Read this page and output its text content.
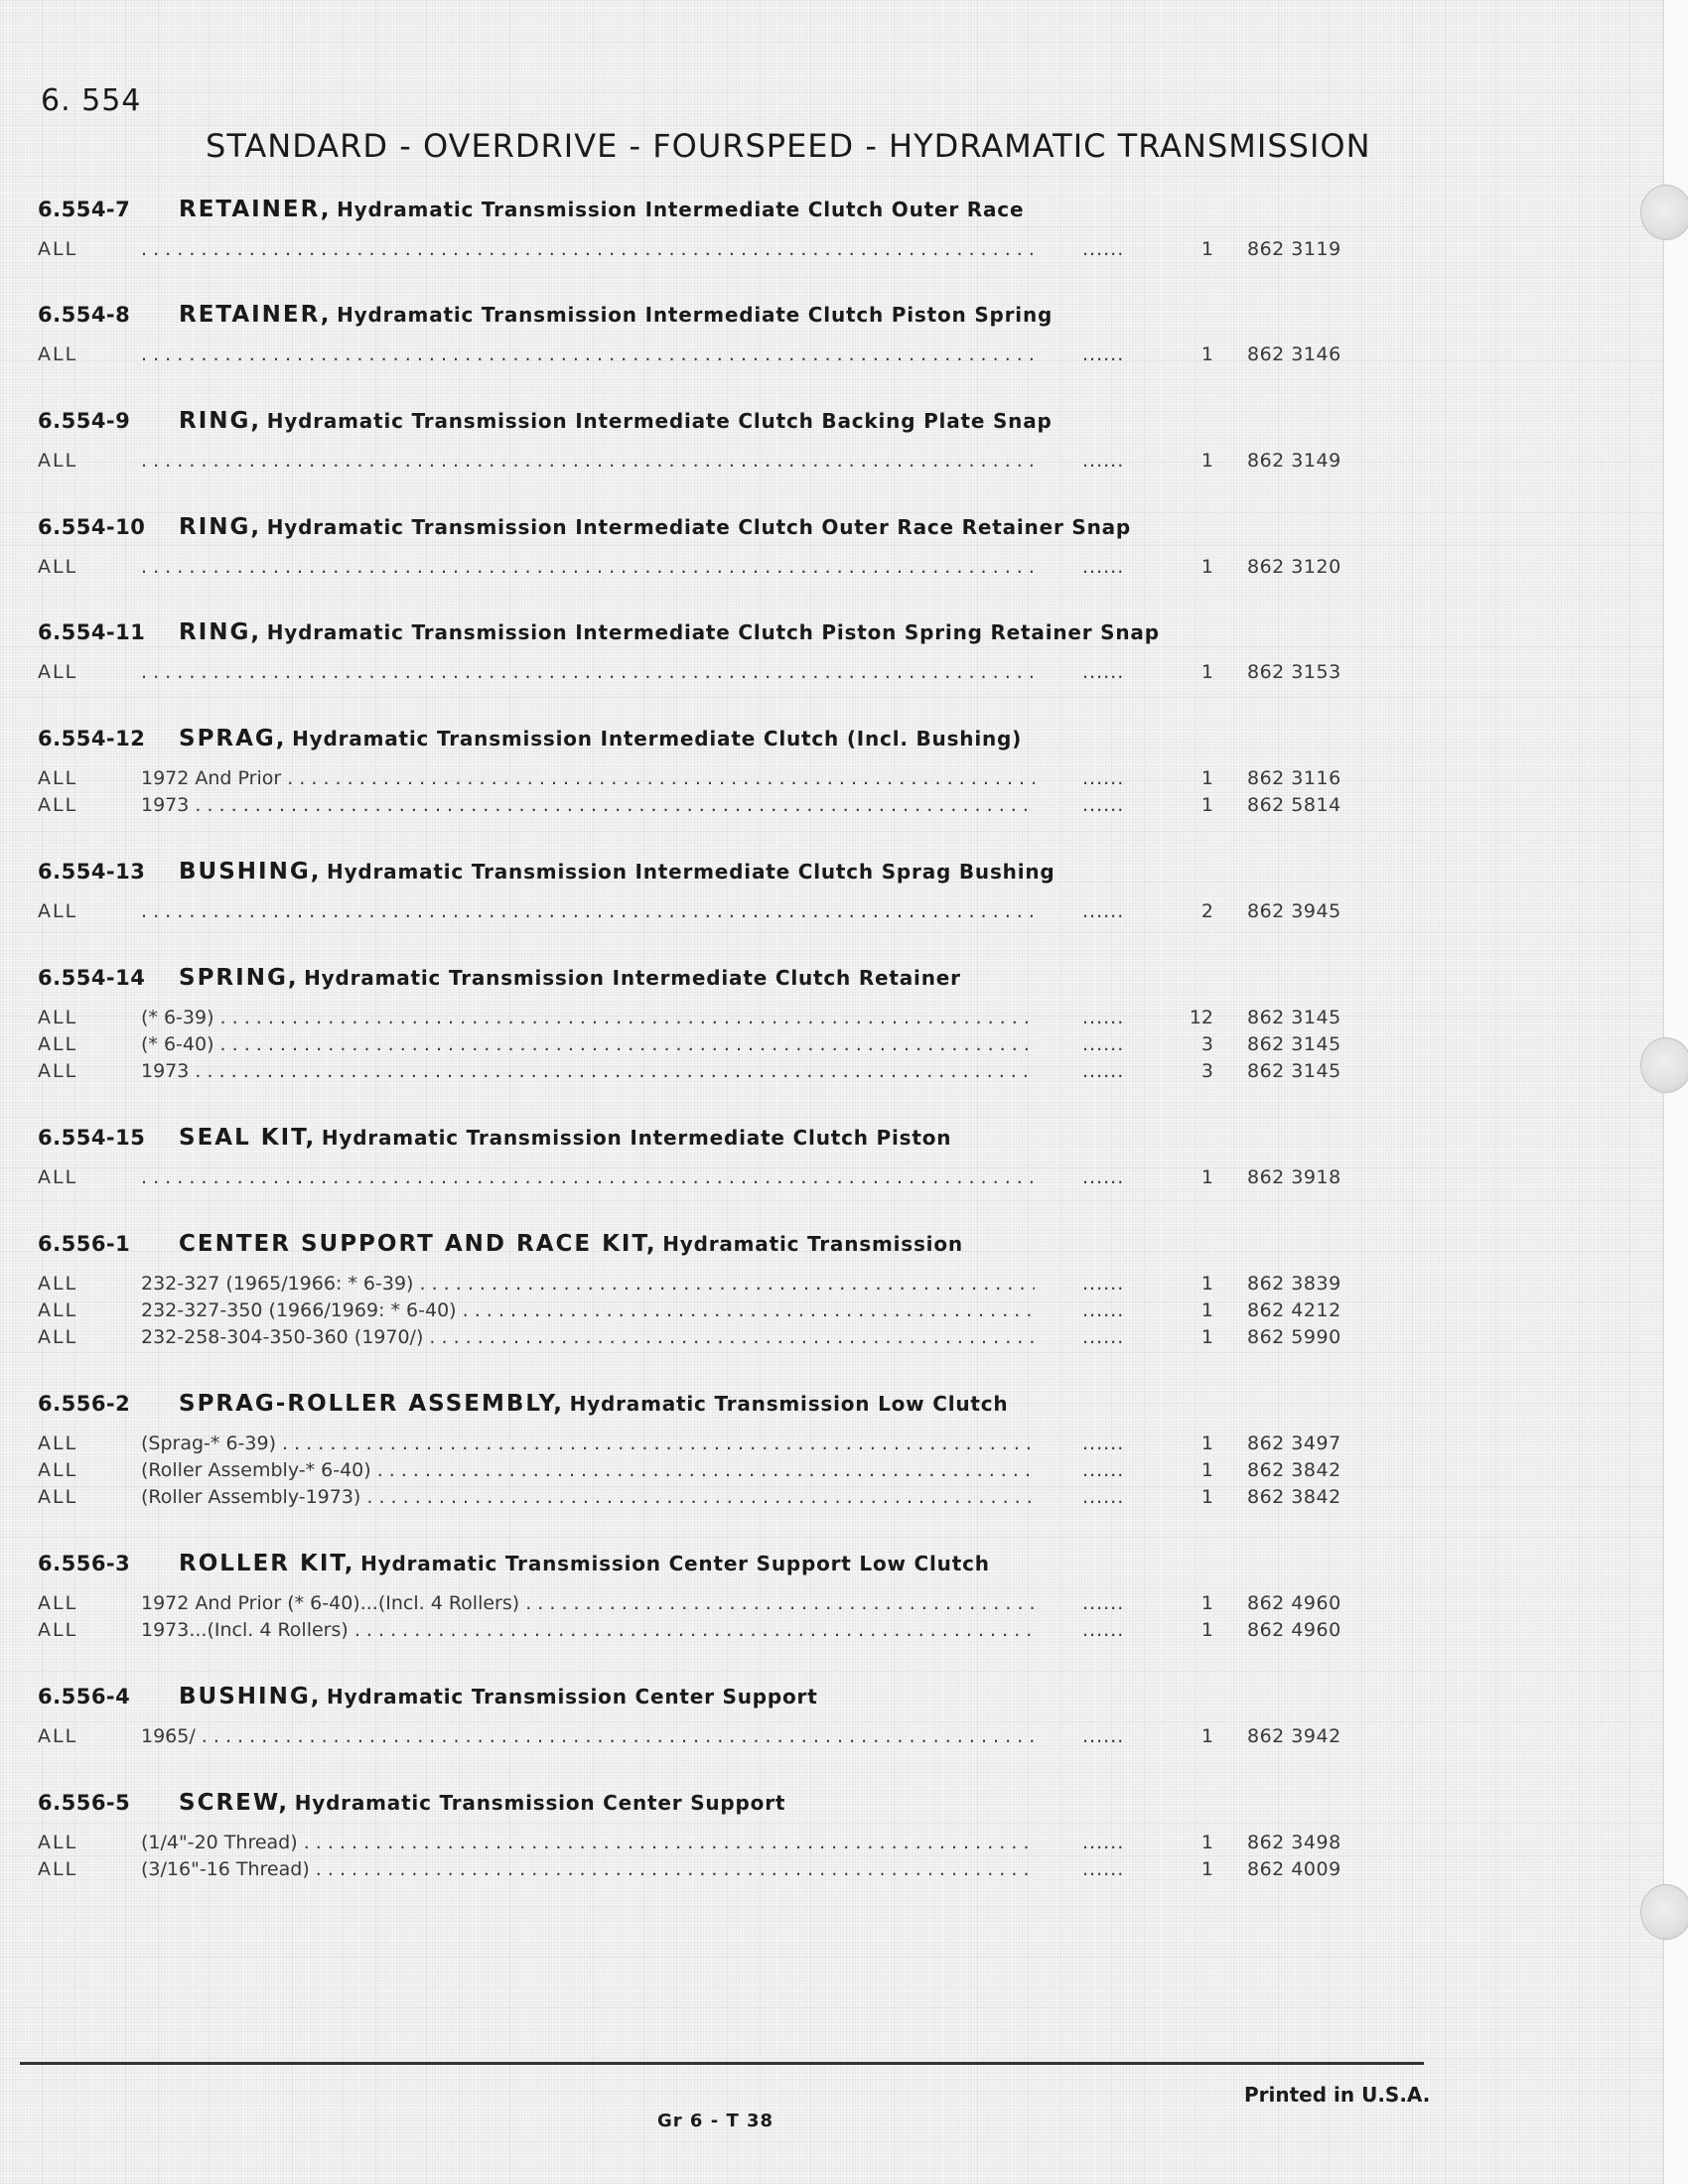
6. 554
STANDARD - OVERDRIVE - FOURSPEED - HYDRAMATIC TRANSMISSION
6.554-7 RETAINER, Hydramatic Transmission Intermediate Clutch Outer Race
ALL . . . ......	1 862 3119
6.554-8 RETAINER, Hydramatic Transmission Intermediate Clutch Piston Spring
ALL . . . ......	1 862 3146
6.554-9 RING, Hydramatic Transmission Intermediate Clutch Backing Plate Snap
ALL . . . ......	1 862 3149
6.554-10 RING, Hydramatic Transmission Intermediate Clutch Outer Race Retainer Snap
ALL . . . ......	1 862 3120
6.554-11 RING, Hydramatic Transmission Intermediate Clutch Piston Spring Retainer Snap
ALL . . . ......	1 862 3153
6.554-12 SPRAG, Hydramatic Transmission Intermediate Clutch (Incl. Bushing)
ALL	1972 And Prior . . . ......	1 862 3116
ALL	1973 . . . ......	1 862 5814
6.554-13 BUSHING, Hydramatic Transmission Intermediate Clutch Sprag Bushing
ALL . . . ......	2 862 3945
6.554-14 SPRING, Hydramatic Transmission Intermediate Clutch Retainer
ALL	(* 6-39) . . . ......	12 862 3145
ALL	(* 6-40) . . . ......	3 862 3145
ALL	1973 . . . ......	3 862 3145
6.554-15 SEAL KIT, Hydramatic Transmission Intermediate Clutch Piston
ALL . . . ......	1 862 3918
6.556-1 CENTER SUPPORT AND RACE KIT, Hydramatic Transmission
ALL	232-327 (1965/1966: * 6-39) . . . ......	1 862 3839
ALL	232-327-350 (1966/1969: * 6-40) . . . ......	1 862 4212
ALL	232-258-304-350-360 (1970/) . . . ......	1 862 5990
6.556-2 SPRAG-ROLLER ASSEMBLY, Hydramatic Transmission Low Clutch
ALL	(Sprag-* 6-39) . . . ......	1 862 3497
ALL	(Roller Assembly-* 6-40) . . . ......	1 862 3842
ALL	(Roller Assembly-1973) . . . ......	1 862 3842
6.556-3 ROLLER KIT, Hydramatic Transmission Center Support Low Clutch
ALL	1972 And Prior (* 6-40)...(Incl. 4 Rollers) . . . ......	1 862 4960
ALL	1973...(Incl. 4 Rollers) . . . ......	1 862 4960
6.556-4 BUSHING, Hydramatic Transmission Center Support
ALL	1965/ . . . ......	1 862 3942
6.556-5 SCREW, Hydramatic Transmission Center Support
ALL	(1/4"-20 Thread) . . . ......	1 862 3498
ALL	(3/16"-16 Thread) . . . ......	1 862 4009
Printed in U.S.A.
Gr 6 - T 38
